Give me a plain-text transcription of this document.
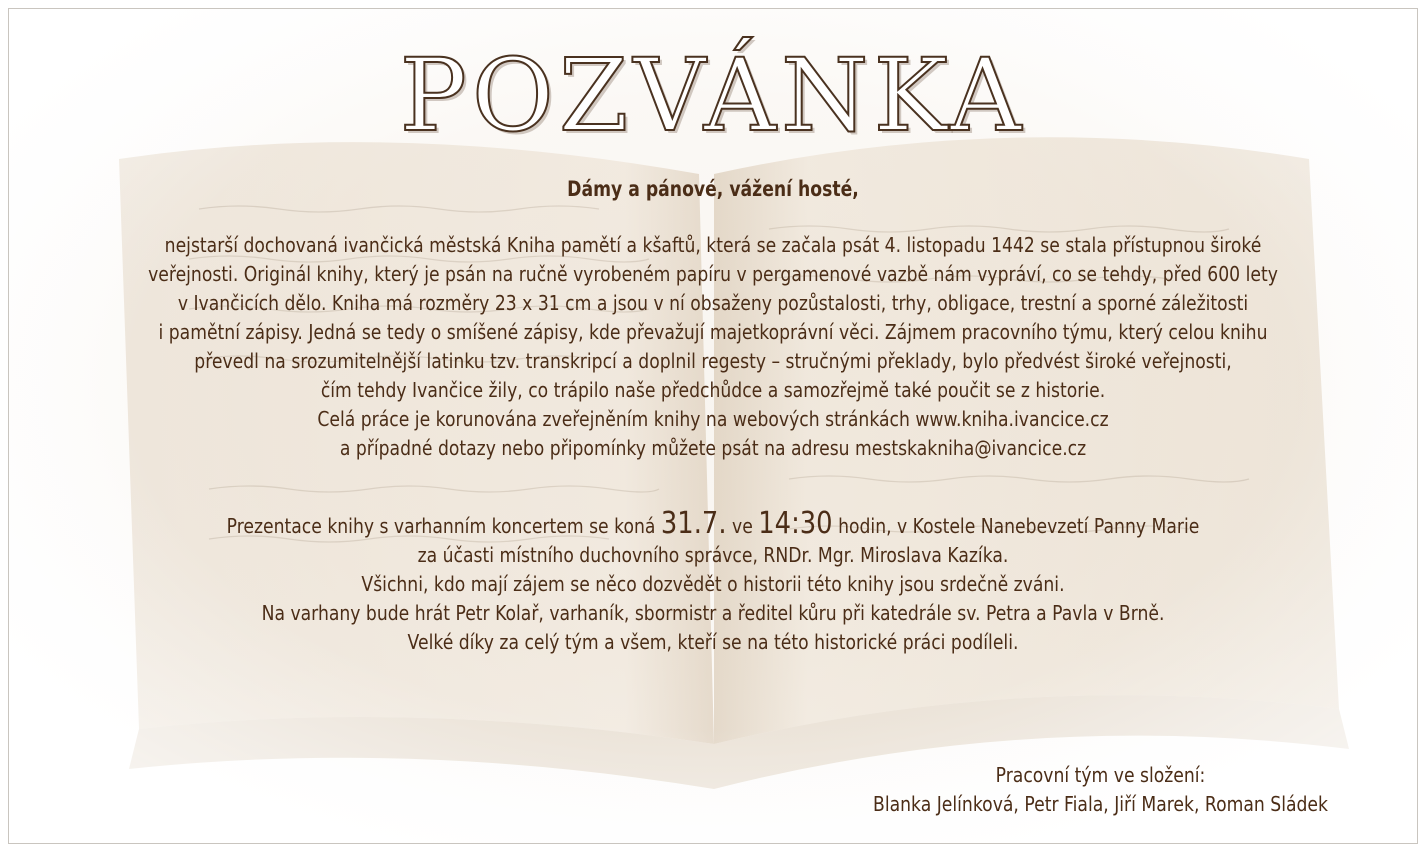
POZVÁNKA
Dámy a pánové, vážení hosté,
nejstarší dochovaná ivančická městská Kniha pamětí a kšaftů, která se začala psát 4. listopadu 1442 se stala přístupnou široké
veřejnosti. Originál knihy, který je psán na ručně vyrobeném papíru v pergamenové vazbě nám vypráví, co se tehdy, před 600 lety
v Ivančicích dělo. Kniha má rozměry 23 x 31 cm a jsou v ní obsaženy pozůstalosti, trhy, obligace, trestní a sporné záležitosti
i pamětní zápisy. Jedná se tedy o smíšené zápisy, kde převažují majetkoprávní věci. Zájmem pracovního týmu, který celou knihu
převedl na srozumitelnější latinku tzv. transkripcí a doplnil regesty – stručnými překlady, bylo předvést široké veřejnosti,
čím tehdy Ivančice žily, co trápilo naše předchůdce a samozřejmě také poučit se z historie.
Celá práce je korunována zveřejněním knihy na webových stránkách www.kniha.ivancice.cz
a případné dotazy nebo připomínky můžete psát na adresu mestskakniha@ivancice.cz
Prezentace knihy s varhanním koncertem se koná 31.7. ve 14:30 hodin, v Kostele Nanebevzetí Panny Marie
za účasti místního duchovního správce, RNDr. Mgr. Miroslava Kazíka.
Všichni, kdo mají zájem se něco dozvědět o historii této knihy jsou srdečně zváni.
Na varhany bude hrát Petr Kolař, varhaník, sbormistr a ředitel kůru při katedrále sv. Petra a Pavla v Brně.
Velké díky za celý tým a všem, kteří se na této historické práci podíleli.
Pracovní tým ve složení:
Blanka Jelínková, Petr Fiala, Jiří Marek, Roman Sládek
